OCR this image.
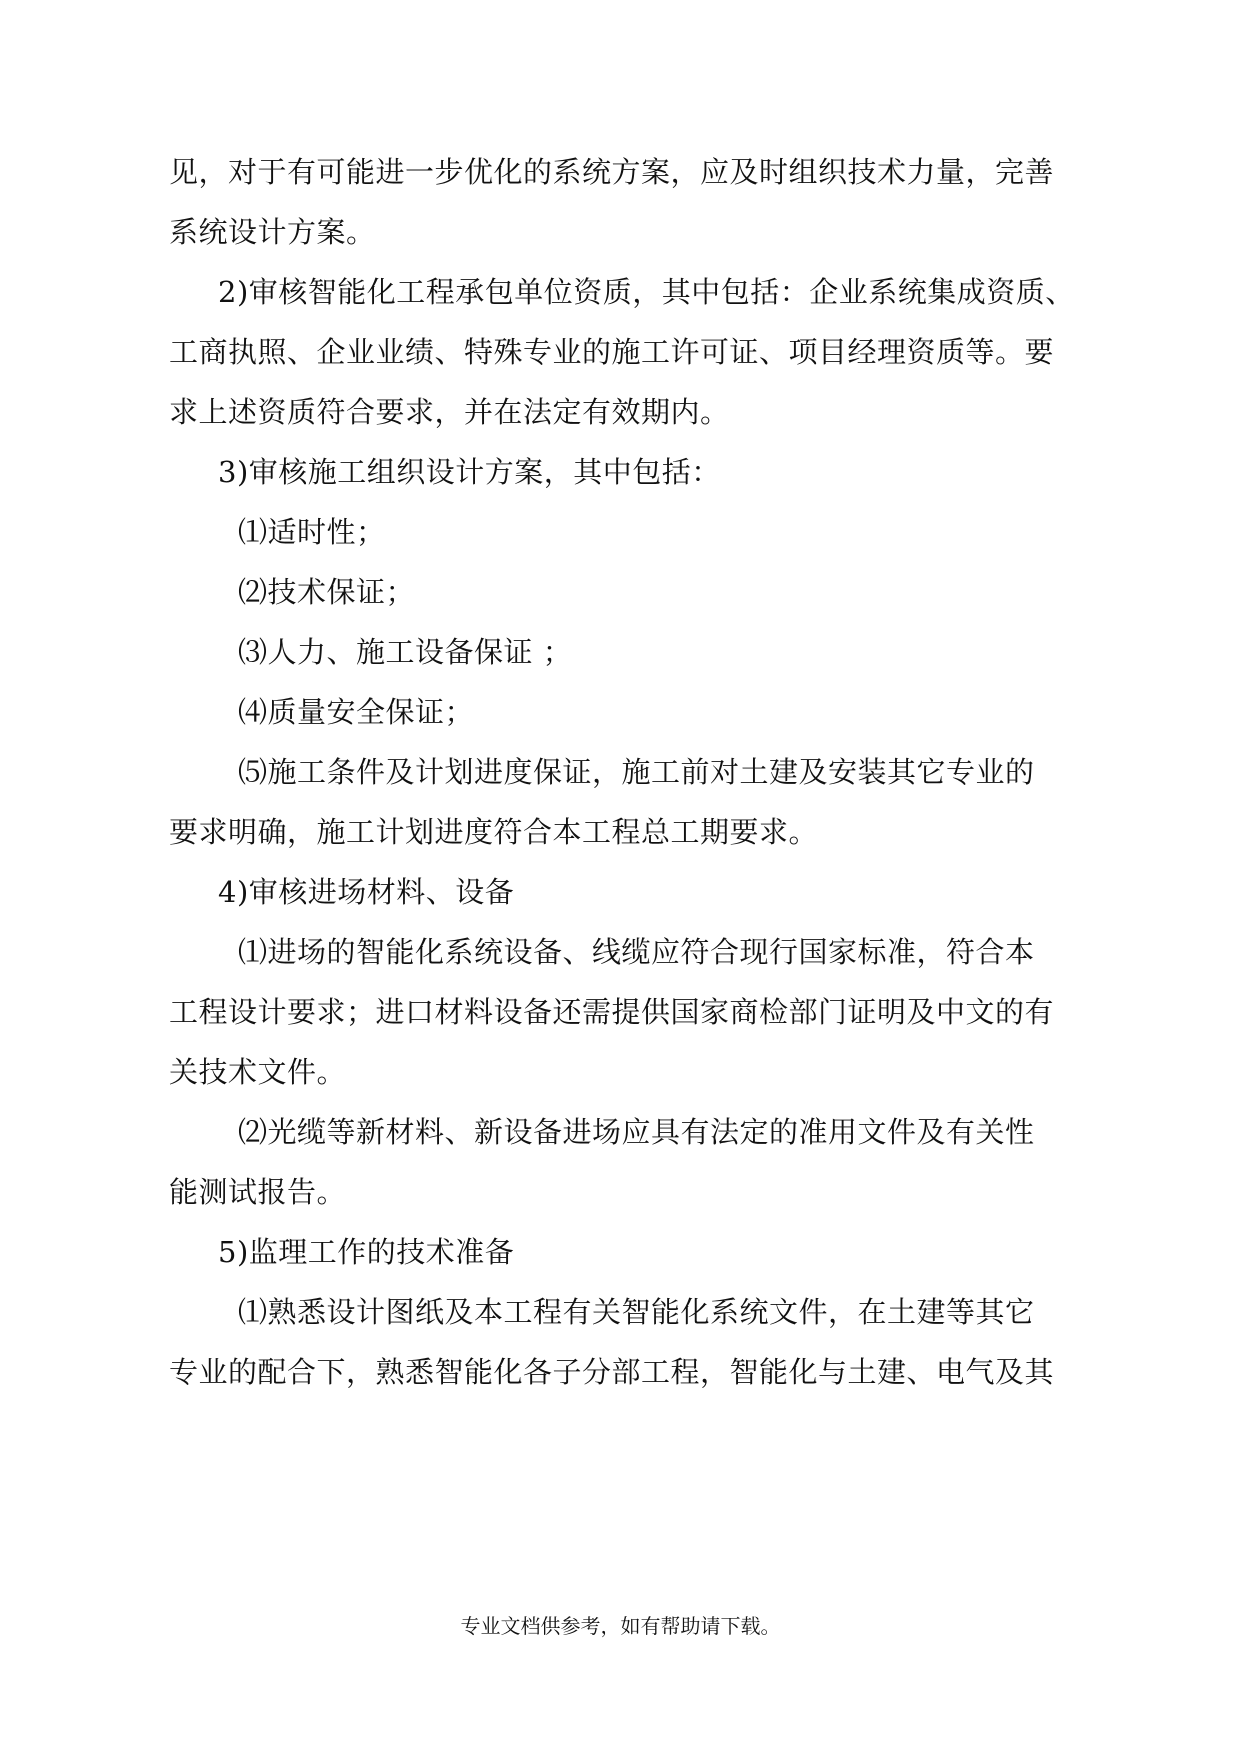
见，对于有可能进一步优化的系统方案，应及时组织技术力量，完善
系统设计方案。
2)审核智能化工程承包单位资质，其中包括：企业系统集成资质、
工商执照、企业业绩、特殊专业的施工许可证、项目经理资质等。要
求上述资质符合要求，并在法定有效期内。
3)审核施工组织设计方案，其中包括：
⑴适时性；
⑵技术保证；
⑶人力、施工设备保证 ；
⑷质量安全保证；
⑸施工条件及计划进度保证，施工前对土建及安装其它专业的
要求明确，施工计划进度符合本工程总工期要求。
4)审核进场材料、设备
⑴进场的智能化系统设备、线缆应符合现行国家标准，符合本
工程设计要求；进口材料设备还需提供国家商检部门证明及中文的有
关技术文件。
⑵光缆等新材料、新设备进场应具有法定的准用文件及有关性
能测试报告。
5)监理工作的技术准备
⑴熟悉设计图纸及本工程有关智能化系统文件，在土建等其它
专业的配合下，熟悉智能化各子分部工程，智能化与土建、电气及其
专业文档供参考，如有帮助请下载。
